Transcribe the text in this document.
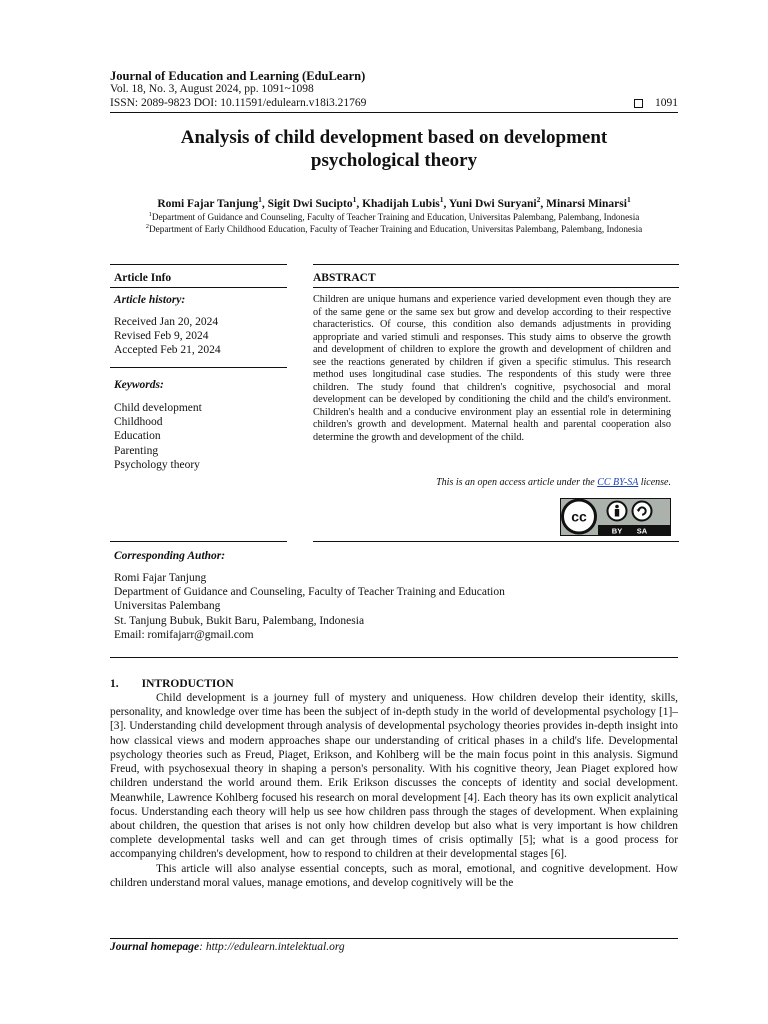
Journal of Education and Learning (EduLearn)
Vol. 18, No. 3, August 2024, pp. 1091~1098
ISSN: 2089-9823 DOI: 10.11591/edulearn.v18i3.21769	1091
Analysis of child development based on development
psychological theory
Romi Fajar Tanjung$^1$, Sigit Dwi Sucipto$^1$, Khadijah Lubis$^1$, Yuni Dwi Suryani$^2$, Minarsi Minarsi$^1$
$^1$Department of Guidance and Counseling, Faculty of Teacher Training and Education, Universitas Palembang, Palembang, Indonesia
$^2$Department of Early Childhood Education, Faculty of Teacher Training and Education, Universitas Palembang, Palembang, Indonesia
Article Info	ABSTRACT
Article history:
Received Jan 20, 2024
Revised Feb 9, 2024
Accepted Feb 21, 2024
Keywords:
Child development
Childhood
Education
Parenting
Psychology theory
Children are unique humans and experience varied development even though they are of the same gene or the same sex but grow and develop according to their respective characteristics. Of course, this condition also demands adjustments in providing appropriate and varied stimuli and responses. This study aims to observe the growth and development of children to explore the growth and development of children and see the reactions generated by children if given a specific stimulus. This research method uses longitudinal case studies. The respondents of this study were three children. The study found that children's cognitive, psychosocial and moral development can be developed by conditioning the child and the child's environment. Children's health and a conducive environment play an essential role in determining children's growth and development. Maternal health and parental cooperation also determine the growth and development of the child.
This is an open access article under the CC BY-SA license.
cc
BY SA
Corresponding Author:
Romi Fajar Tanjung
Department of Guidance and Counseling, Faculty of Teacher Training and Education
Universitas Palembang
St. Tanjung Bubuk, Bukit Baru, Palembang, Indonesia
Email: romifajarr@gmail.com
1.  INTRODUCTION

Child development is a journey full of mystery and uniqueness. How children develop their identity, skills, personality, and knowledge over time has been the subject of in-depth study in the world of developmental psychology [1]–[3]. Understanding child development through analysis of developmental psychology theories provides in-depth insight into how classical views and modern approaches shape our understanding of critical phases in a child's life. Developmental psychology theories such as Freud, Piaget, Erikson, and Kohlberg will be the main focus point in this analysis. Sigmund Freud, with psychosexual theory in shaping a person's personality. With his cognitive theory, Jean Piaget explored how children understand the world around them. Erik Erikson discusses the concepts of identity and social development. Meanwhile, Lawrence Kohlberg focused his research on moral development [4]. Each theory has its own explicit analytical focus. Understanding each theory will help us see how children pass through the stages of development. When explaining about children, the question that arises is not only how children develop but also what is very important is how children complete developmental tasks well and can get through times of crisis optimally [5]; what is a good process for accompanying children's development, how to respond to children at their developmental stages [6].

This article will also analyse essential concepts, such as moral, emotional, and cognitive development. How children understand moral values, manage emotions, and develop cognitively will be the

Journal homepage: http://edulearn.intelektual.org
